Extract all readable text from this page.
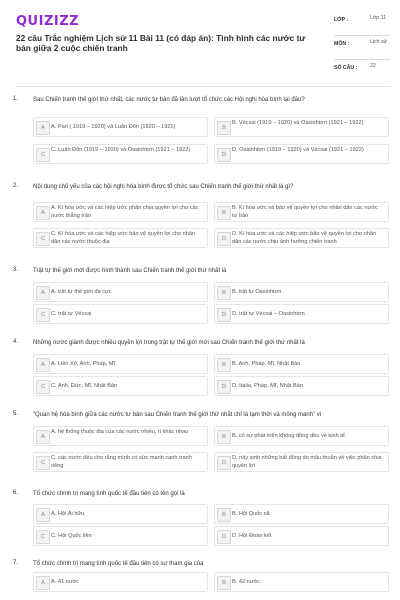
QUIZIZZ
22 câu Trắc nghiệm Lịch sử 11 Bài 11 (có đáp án): Tình hình các nước tư bản giữa 2 cuộc chiến tranh
LỚP :	Lớp 11
MÔN :	Lịch sử
SỐ CÂU : 22
1. Sau Chiến tranh thế giới thứ nhất, các nước tư bản đã lần lượt tổ chức các Hội nghị hòa bình tại đâu?
A	A. Pari ( 1919 – 1920) và Luân Đôn (1920 – 1921)	B
B. Vécxai (1919 – 1920) và Oasinhtơn (1921 – 1922)
C
C. Luân Đôn (1919 – 1920) và Oasinhtơn (1921 – 1922)
D
D. Oasinhtơn (1919 – 1920) và Vécxai (1921 – 1922)
2. Nội dung chủ yếu của các hội nghị hòa bình được tổ chức sau Chiến tranh thế giới thứ nhất là gì?
A
A. Kí hòa ước và các hiệp ước phân chia quyền lợi cho các nước thắng trận	B
B. Kí hòa ước và bảo vệ quyền lợi cho nhân dân các nước tư bản
C
C. Kí hòa ước và các hiệp ước bảo vệ quyền lợi cho nhân dân các nước thuộc địa	D
D. Kí hòa ước và các hiệp ước bảo vệ quyền lợi cho nhân dân các nước chịu ảnh hưởng chiến tranh
3. Trật tự thế giới mới được hình thành sau Chiến tranh thế giới thứ nhất là
A	A. trật tự thế giới đa cực	B	B. trật tự Oasinhtơn
C	C. trật tự Vécxai	D	D. trật tự Vécxai – Oasinhtơn
4. Những nước giành được nhiều quyền lợi trong trật tự thế giới mới sau Chiến tranh thế giới thứ nhất là
A	A. Liên Xô, Anh, Pháp, Mĩ	B	B. Anh, Pháp, Mĩ, Nhật Bản
C	C. Anh, Đức, Mĩ, Nhật Bản	D	D. Italia, Pháp, Mĩ, Nhật Bản
5. “Quan hệ hòa bình giữa các nước tư bản sau Chiến tranh thế giới thứ nhất chỉ là tạm thời và mỏng manh” vì
A
A. hệ thống thuộc địa của các nước nhiều, ít khác nhau
B	B. có sự phát triển không đồng đều về kinh tế
C
C. các nước đều cho rằng mình có sức mạnh cạnh tranh riêng	D
D. nảy sinh những bất đồng do mâu thuẫn về việc phân chia quyền lợi
6. Tổ chức chính trị mang tính quốc tế đầu tiên có tên gọi là
A	A. Hội Ái hữu	B	B. Hội Quốc xã
C	C. Hội Quốc liên	D	D. Hội Đoàn kết
7. Tổ chức chính trị mang tính quốc tế đầu tiên có sự tham gia của
A	A. 41 nước	B	B. 42 nước
